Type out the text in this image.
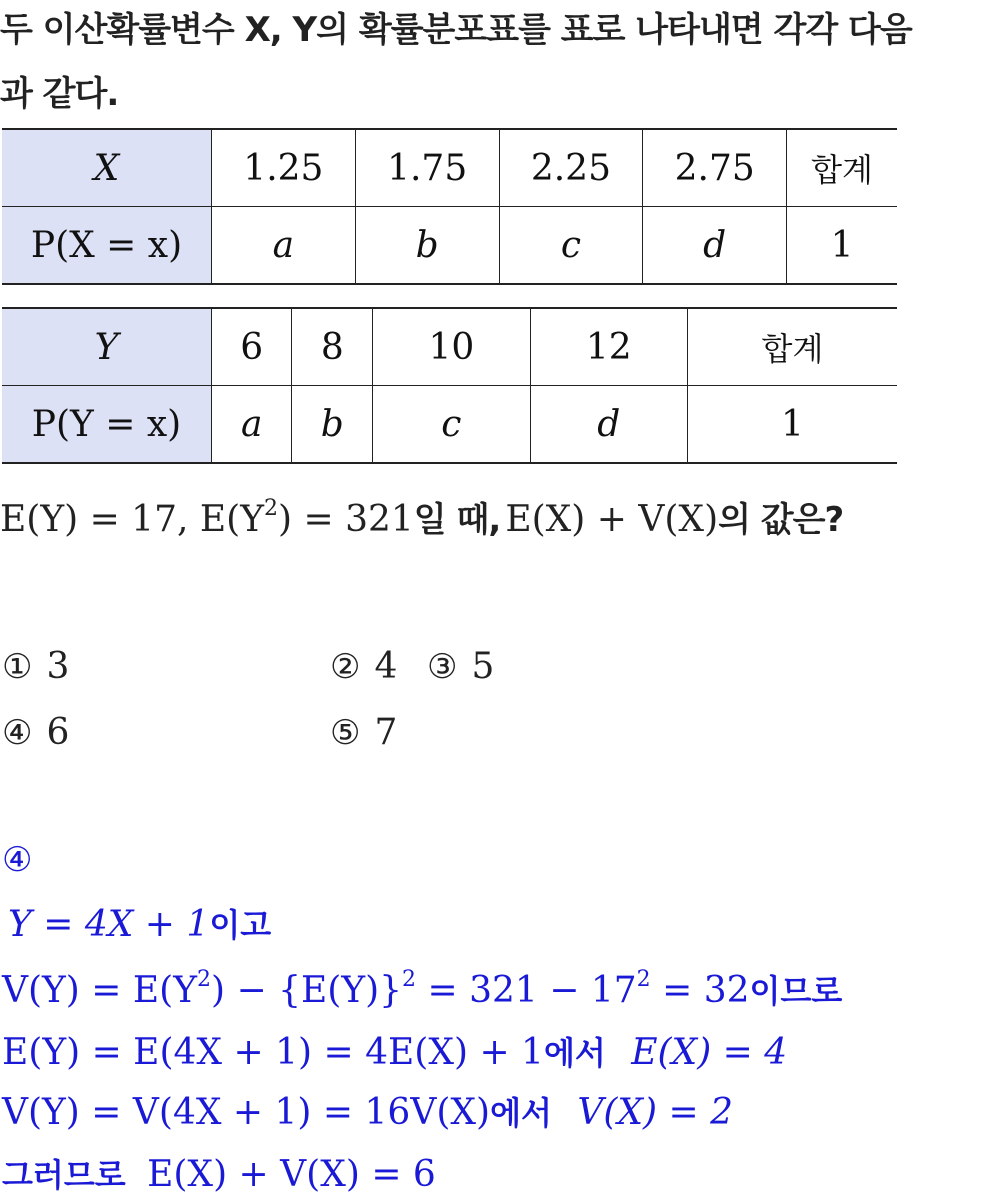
두 이산확률변수 X, Y의 확률분포표를 표로 나타내면 각각 다음
과 같다.
X	1.25	1.75	2.25	2.75	합계
P(X = x)	a	b	c	d	1
Y	6	8	10	12	합계
P(Y = x)	a	b	c	d	1
E(Y) = 17, $E(Y^2) = 321$일 때, E(X) + V(X)의 값은?
① 3	② 4 ③ 5
④ 6	⑤ 7
④
Y = 4X + 1이고
$V(Y) = E(Y^2) - \{E(Y)\}^2 = 321 - 17^2 = 32$이므로
E(Y) = E(4X + 1) = 4E(X) + 1에서 E(X) = 4
V(Y) = V(4X + 1) = 16V(X)에서 V(X) = 2
그러므로 E(X) + V(X) = 6
